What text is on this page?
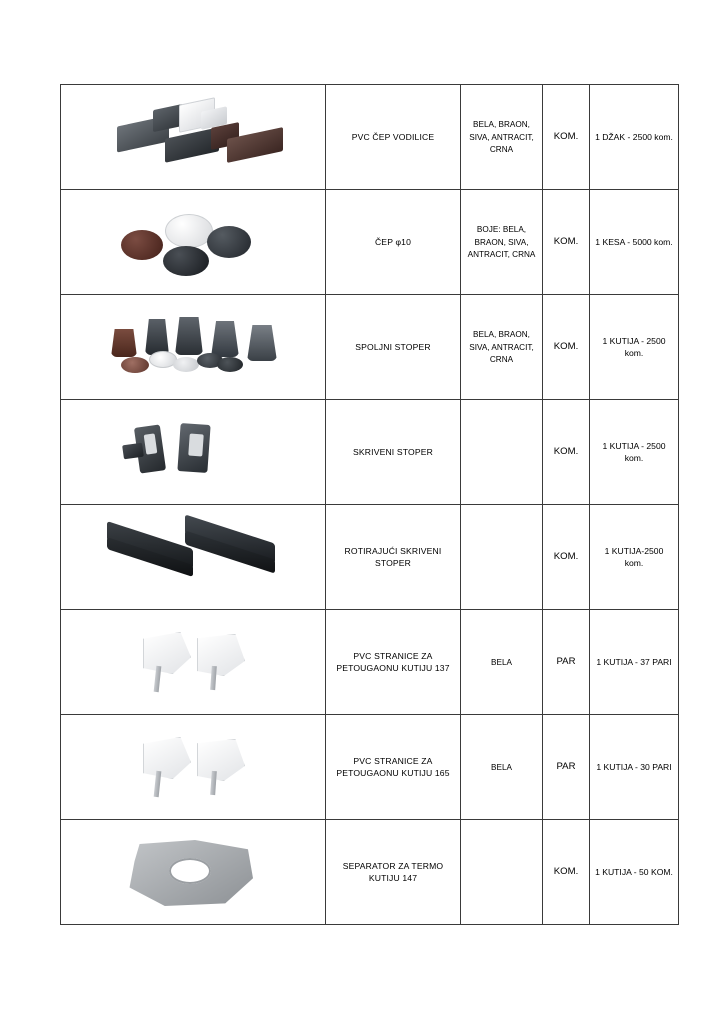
	PVC ČEP VODILICE	BELA, BRAON, SIVA, ANTRACIT, CRNA	KOM.	1 DŽAK - 2500 kom.

	ČEP φ10	BOJE: BELA, BRAON, SIVA, ANTRACIT, CRNA	KOM.	1 KESA - 5000 kom.

	SPOLJNI STOPER	BELA, BRAON, SIVA, ANTRACIT, CRNA	KOM.	1 KUTIJA - 2500 kom.

	SKRIVENI STOPER		KOM.	1 KUTIJA - 2500 kom.

	ROTIRAJUĆI SKRIVENI STOPER		KOM.	1 KUTIJA-2500 kom.

	PVC STRANICE ZA PETOUGAONU KUTIJU 137	BELA	PAR	1 KUTIJA - 37 PARI

	PVC STRANICE ZA PETOUGAONU KUTIJU 165	BELA	PAR	1 KUTIJA - 30 PARI

	SEPARATOR ZA TERMO KUTIJU 147		KOM.	1 KUTIJA - 50 KOM.
